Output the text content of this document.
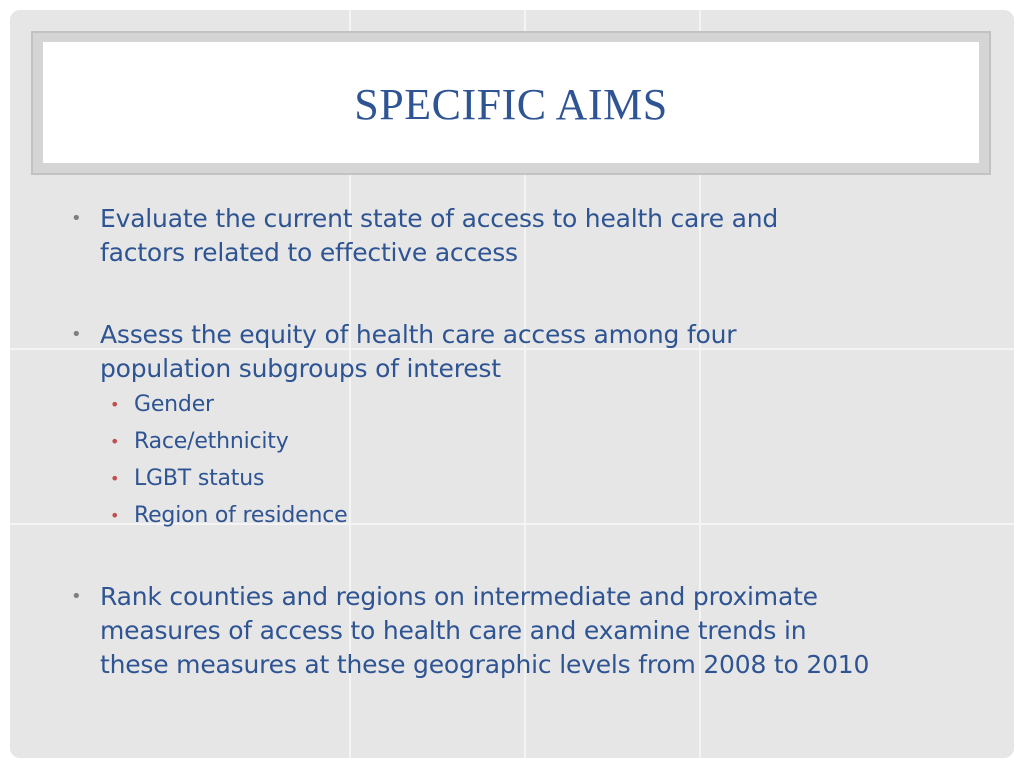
SPECIFIC AIMS
• Evaluate the current state of access to health care and
factors related to effective access
• Assess the equity of health care access among four
population subgroups of interest
• Gender
• Race/ethnicity
• LGBT status
• Region of residence
• Rank counties and regions on intermediate and proximate
measures of access to health care and examine trends in
these measures at these geographic levels from 2008 to 2010
